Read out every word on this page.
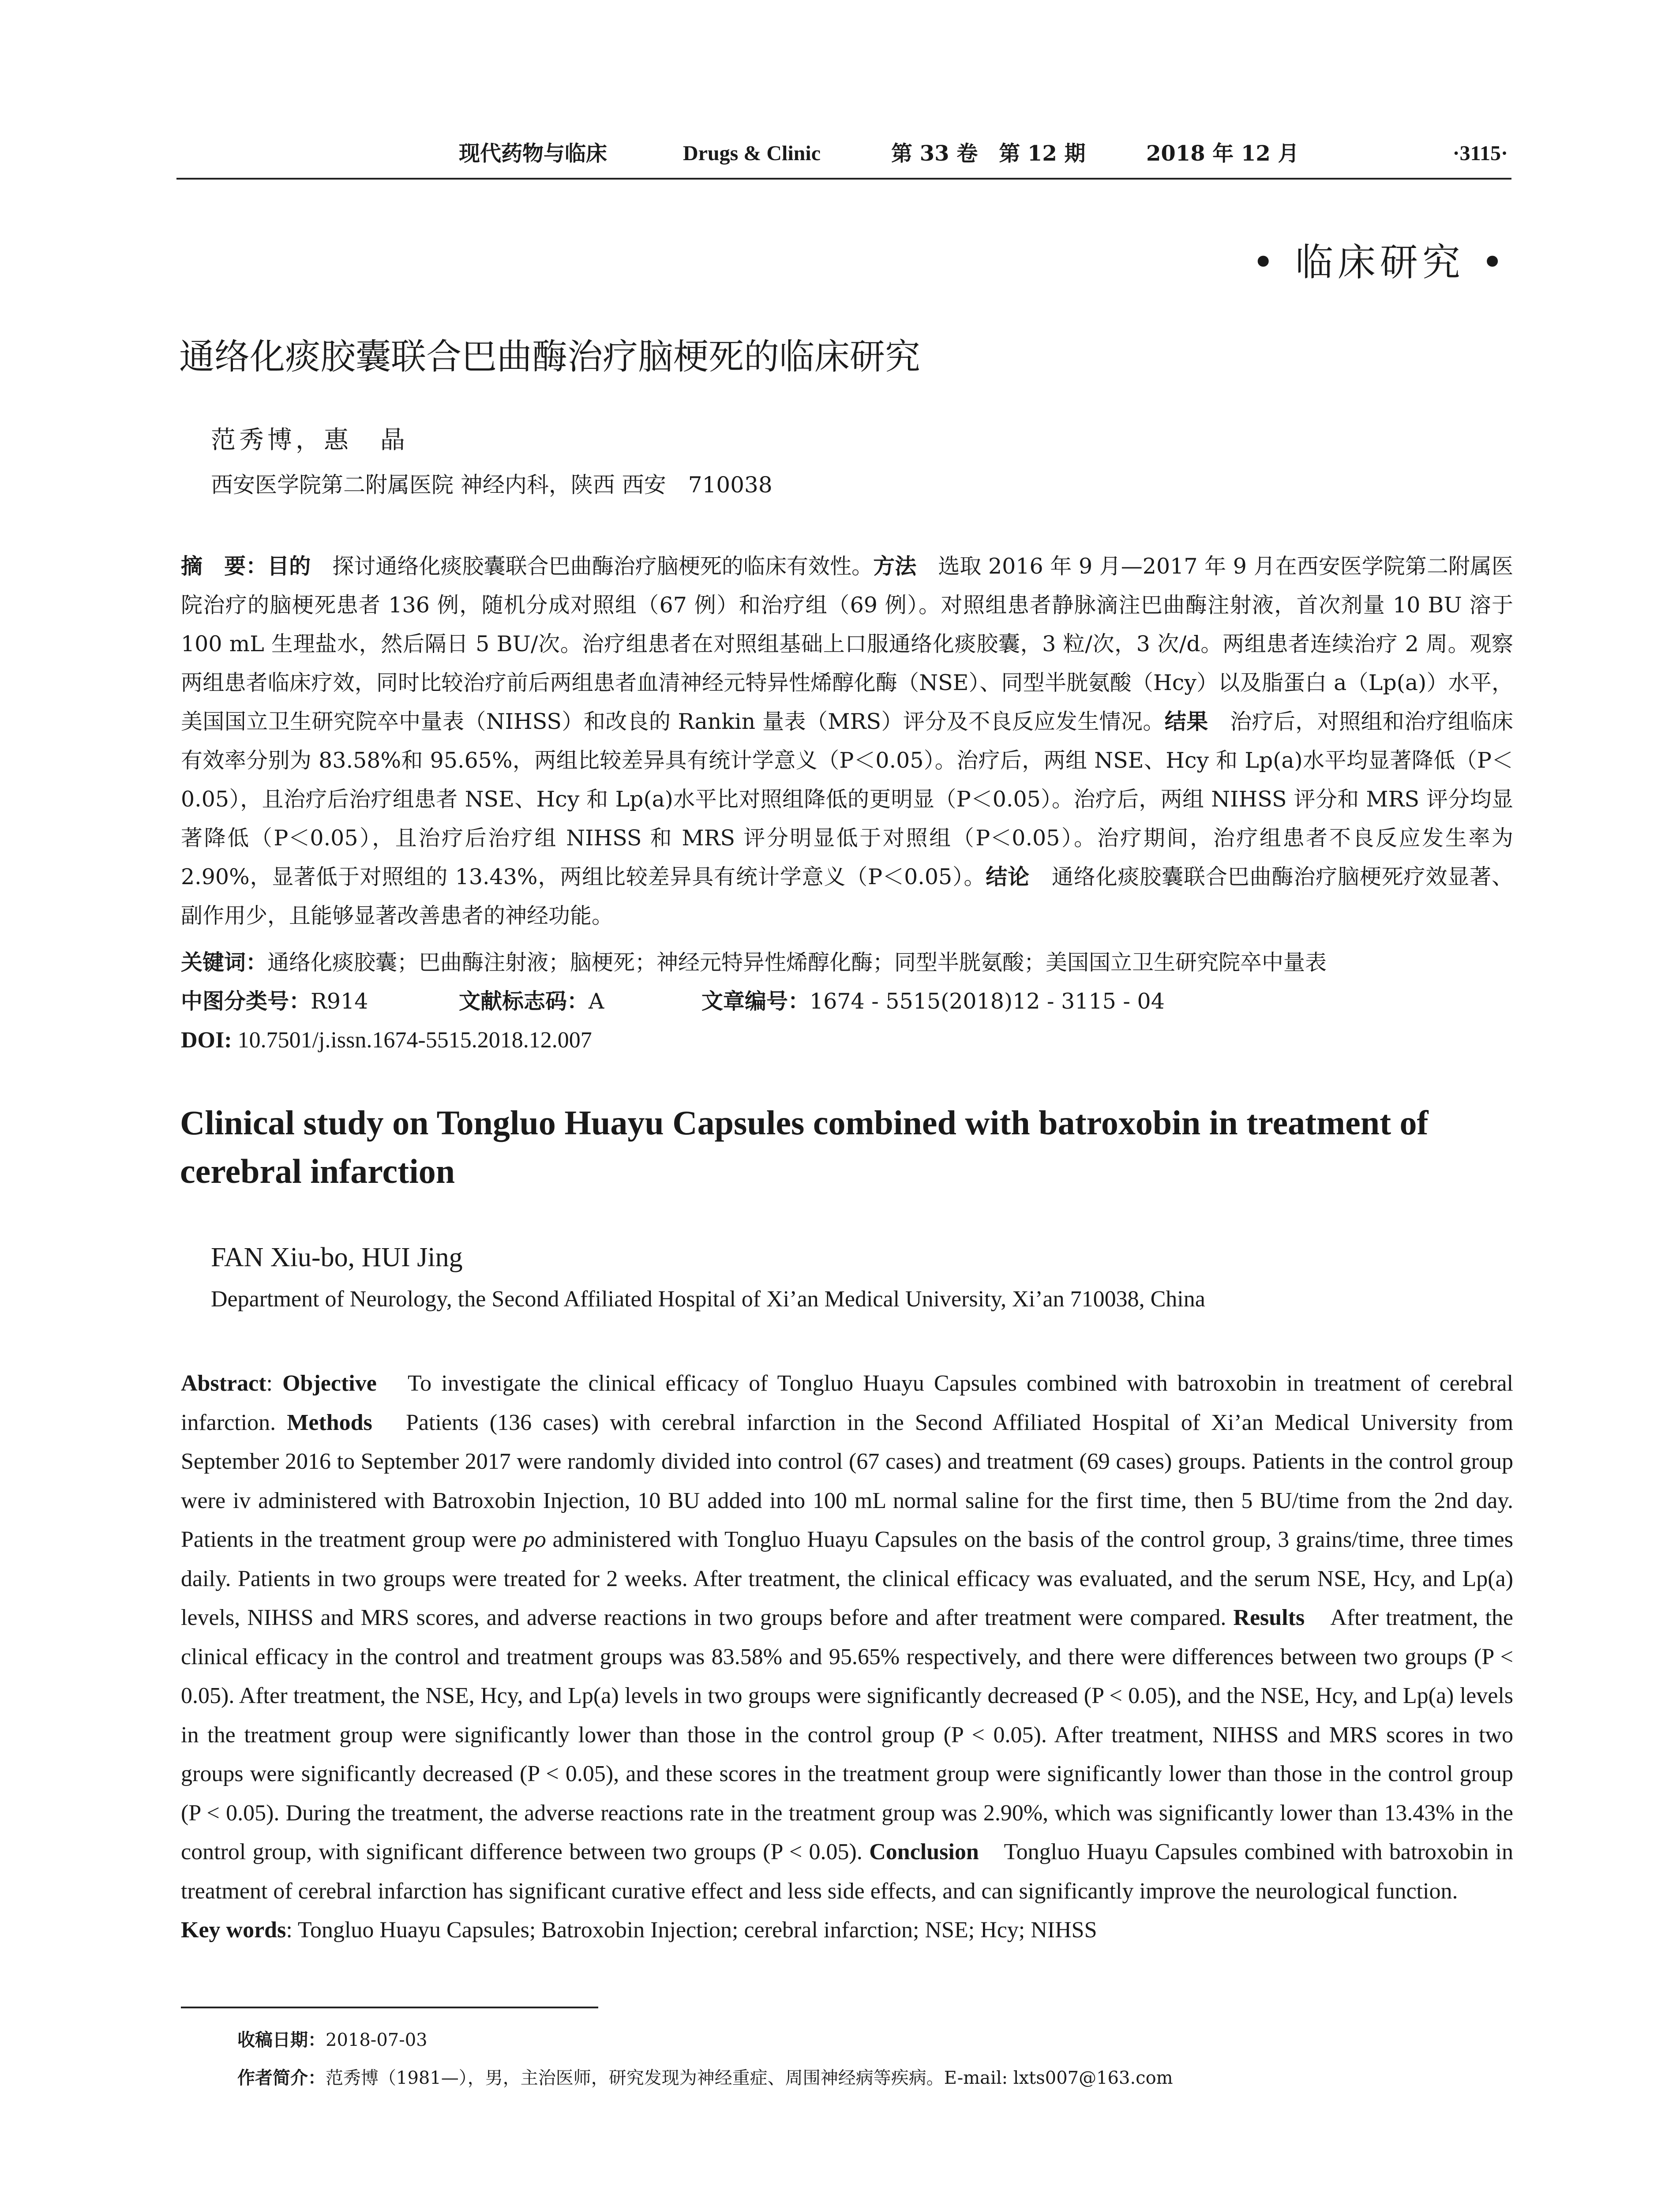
现代药物与临床	Drugs & Clinic	第 33 卷　第 12 期	2018 年 12 月	·3115·
• 临床研究 •
通络化痰胶囊联合巴曲酶治疗脑梗死的临床研究
范秀博，惠　晶
西安医学院第二附属医院 神经内科，陕西 西安　710038

摘　要：目的　探讨通络化痰胶囊联合巴曲酶治疗脑梗死的临床有效性。方法　选取 2016 年 9 月—2017 年 9 月在西安医学院第二附属医院治疗的脑梗死患者 136 例，随机分成对照组（67 例）和治疗组（69 例）。对照组患者静脉滴注巴曲酶注射液，首次剂量 10 BU 溶于 100 mL 生理盐水，然后隔日 5 BU/次。治疗组患者在对照组基础上口服通络化痰胶囊，3 粒/次，3 次/d。两组患者连续治疗 2 周。观察两组患者临床疗效，同时比较治疗前后两组患者血清神经元特异性烯醇化酶（NSE）、同型半胱氨酸（Hcy）以及脂蛋白 a（Lp(a)）水平，美国国立卫生研究院卒中量表（NIHSS）和改良的 Rankin 量表（MRS）评分及不良反应发生情况。结果　治疗后，对照组和治疗组临床有效率分别为 83.58%和 95.65%，两组比较差异具有统计学意义（P＜0.05）。治疗后，两组 NSE、Hcy 和 Lp(a)水平均显著降低（P＜0.05），且治疗后治疗组患者 NSE、Hcy 和 Lp(a)水平比对照组降低的更明显（P＜0.05）。治疗后，两组 NIHSS 评分和 MRS 评分均显著降低（P＜0.05），且治疗后治疗组 NIHSS 和 MRS 评分明显低于对照组（P＜0.05）。治疗期间，治疗组患者不良反应发生率为 2.90%，显著低于对照组的 13.43%，两组比较差异具有统计学意义（P＜0.05）。结论　通络化痰胶囊联合巴曲酶治疗脑梗死疗效显著、副作用少，且能够显著改善患者的神经功能。

关键词：通络化痰胶囊；巴曲酶注射液；脑梗死；神经元特异性烯醇化酶；同型半胱氨酸；美国国立卫生研究院卒中量表
中图分类号：R914	文献标志码：A	文章编号：1674 - 5515(2018)12 - 3115 - 04
DOI: 10.7501/j.issn.1674-5515.2018.12.007
Clinical study on Tongluo Huayu Capsules combined with batroxobin in treatment of cerebral infarction
FAN Xiu-bo, HUI Jing
Department of Neurology, the Second Affiliated Hospital of Xi’an Medical University, Xi’an 710038, China

Abstract: Objective　To investigate the clinical efficacy of Tongluo Huayu Capsules combined with batroxobin in treatment of cerebral infarction. Methods　Patients (136 cases) with cerebral infarction in the Second Affiliated Hospital of Xi’an Medical University from September 2016 to September 2017 were randomly divided into control (67 cases) and treatment (69 cases) groups. Patients in the control group were iv administered with Batroxobin Injection, 10 BU added into 100 mL normal saline for the first time, then 5 BU/time from the 2nd day. Patients in the treatment group were po administered with Tongluo Huayu Capsules on the basis of the control group, 3 grains/time, three times daily. Patients in two groups were treated for 2 weeks. After treatment, the clinical efficacy was evaluated, and the serum NSE, Hcy, and Lp(a) levels, NIHSS and MRS scores, and adverse reactions in two groups before and after treatment were compared. Results　After treatment, the clinical efficacy in the control and treatment groups was 83.58% and 95.65% respectively, and there were differences between two groups (P < 0.05). After treatment, the NSE, Hcy, and Lp(a) levels in two groups were significantly decreased (P < 0.05), and the NSE, Hcy, and Lp(a) levels in the treatment group were significantly lower than those in the control group (P < 0.05). After treatment, NIHSS and MRS scores in two groups were significantly decreased (P < 0.05), and these scores in the treatment group were significantly lower than those in the control group (P < 0.05). During the treatment, the adverse reactions rate in the treatment group was 2.90%, which was significantly lower than 13.43% in the control group, with significant difference between two groups (P < 0.05). Conclusion　Tongluo Huayu Capsules combined with batroxobin in treatment of cerebral infarction has significant curative effect and less side effects, and can significantly improve the neurological function.

Key words: Tongluo Huayu Capsules; Batroxobin Injection; cerebral infarction; NSE; Hcy; NIHSS

收稿日期：2018-07-03
作者简介：范秀博（1981—），男，主治医师，研究发现为神经重症、周围神经病等疾病。E-mail: lxts007@163.com
